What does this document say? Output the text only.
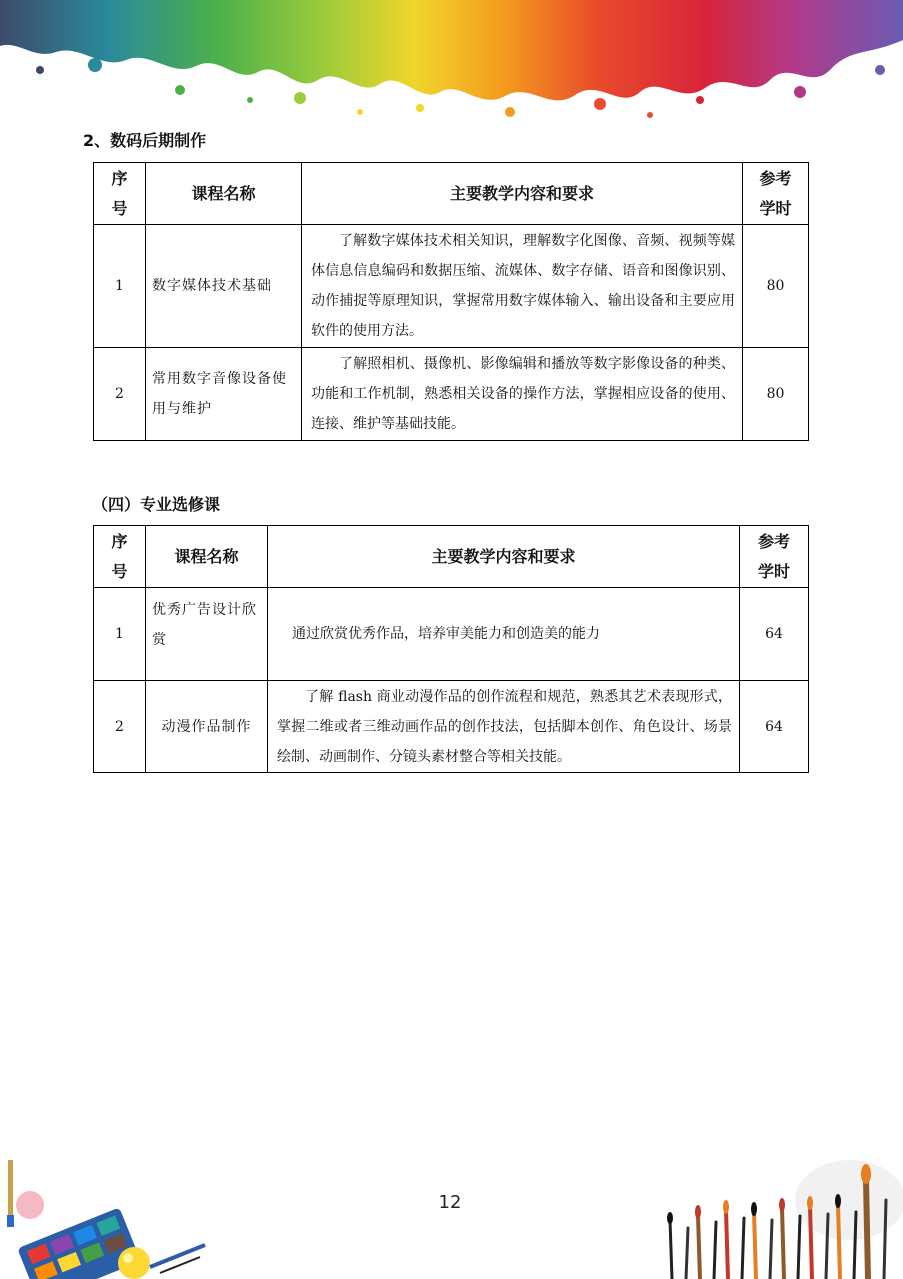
2、数码后期制作
序号	课程名称	主要教学内容和要求	参考学时
1	数字媒体技术基础	了解数字媒体技术相关知识，理解数字化图像、音频、视频等媒体信息信息编码和数据压缩、流媒体、数字存储、语音和图像识别、动作捕捉等原理知识，掌握常用数字媒体输入、输出设备和主要应用软件的使用方法。	80
2	常用数字音像设备使用与维护	了解照相机、摄像机、影像编辑和播放等数字影像设备的种类、功能和工作机制，熟悉相关设备的操作方法，掌握相应设备的使用、连接、维护等基础技能。	80
（四）专业选修课
序号	课程名称	主要教学内容和要求	参考学时
1	优秀广告设计欣赏	通过欣赏优秀作品，培养审美能力和创造美的能力	64
2	动漫作品制作	了解 flash 商业动漫作品的创作流程和规范，熟悉其艺术表现形式，掌握二维或者三维动画作品的创作技法，包括脚本创作、角色设计、场景绘制、动画制作、分镜头素材整合等相关技能。	64
12
